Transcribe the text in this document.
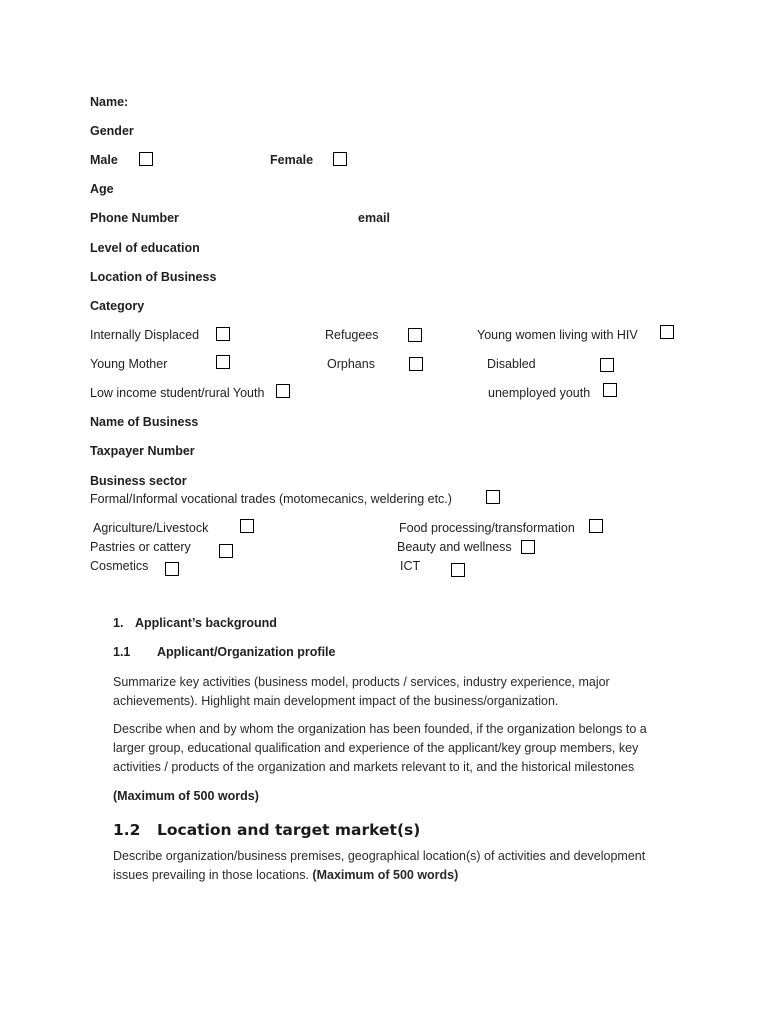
Name:
Gender
Male	Female
Age
Phone Number	email
Level of education
Location of Business
Category
Internally Displaced	Refugees	Young women living with HIV
Young Mother	Orphans	Disabled
Low income student/rural Youth	unemployed youth
Name of Business
Taxpayer Number
Business sector
Formal/Informal vocational trades (motomecanics, weldering etc.)
Agriculture/Livestock	Food processing/transformation
Pastries or cattery	Beauty and wellness
Cosmetics	ICT
1. Applicant’s background
1.1 Applicant/Organization profile
Summarize key activities (business model, products / services, industry experience, major achievements). Highlight main development impact of the business/organization.
Describe when and by whom the organization has been founded, if the organization belongs to a larger group, educational qualification and experience of the applicant/key group members, key activities / products of the organization and markets relevant to it, and the historical milestones
(Maximum of 500 words)
1.2 Location and target market(s)
Describe organization/business premises, geographical location(s) of activities and development issues prevailing in those locations. (Maximum of 500 words)
